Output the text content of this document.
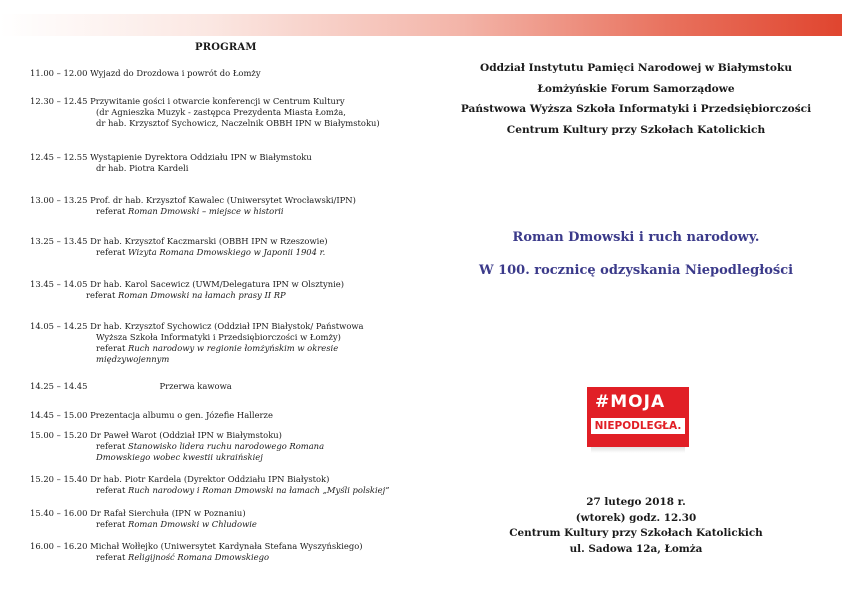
PROGRAM
11.00 – 12.00 Wyjazd do Drozdowa i powrót do Łomży
12.30 – 12.45 Przywitanie gości i otwarcie konferencji w Centrum Kultury
(dr Agnieszka Muzyk - zastępca Prezydenta Miasta Łomża,
dr hab. Krzysztof Sychowicz, Naczelnik OBBH IPN w Białymstoku)
12.45 – 12.55 Wystąpienie Dyrektora Oddziału IPN w Białymstoku
dr hab. Piotra Kardeli
13.00 – 13.25 Prof. dr hab. Krzysztof Kawalec (Uniwersytet Wrocławski/IPN)
referat Roman Dmowski – miejsce w historii
13.25 – 13.45 Dr hab. Krzysztof Kaczmarski (OBBH IPN w Rzeszowie)
referat Wizyta Romana Dmowskiego w Japonii 1904 r.
13.45 – 14.05 Dr hab. Karol Sacewicz (UWM/Delegatura IPN w Olsztynie)
referat Roman Dmowski na łamach prasy II RP
14.05 – 14.25 Dr hab. Krzysztof Sychowicz (Oddział IPN Białystok/ Państwowa
Wyższa Szkoła Informatyki i Przedsiębiorczości w Łomży)
referat Ruch narodowy w regionie łomżyńskim w okresie
międzywojennym
14.25 – 14.45	Przerwa kawowa
14.45 – 15.00 Prezentacja albumu o gen. Józefie Hallerze
15.00 – 15.20 Dr Paweł Warot (Oddział IPN w Białymstoku)
referat Stanowisko lidera ruchu narodowego Romana
Dmowskiego wobec kwestii ukraińskiej
15.20 – 15.40 Dr hab. Piotr Kardela (Dyrektor Oddziału IPN Białystok)
referat Ruch narodowy i Roman Dmowski na łamach „Myśli polskiej”
15.40 – 16.00 Dr Rafał Sierchuła (IPN w Poznaniu)
referat Roman Dmowski w Chludowie
16.00 – 16.20 Michał Wołłejko (Uniwersytet Kardynała Stefana Wyszyńskiego)
referat Religijność Romana Dmowskiego
Oddział Instytutu Pamięci Narodowej w Białymstoku
Łomżyńskie Forum Samorządowe
Państwowa Wyższa Szkoła Informatyki i Przedsiębiorczości
Centrum Kultury przy Szkołach Katolickich
Roman Dmowski i ruch narodowy.
W 100. rocznicę odzyskania Niepodległości
#MOJA
NIEPODLEGŁA.
27 lutego 2018 r.
(wtorek) godz. 12.30
Centrum Kultury przy Szkołach Katolickich
ul. Sadowa 12a, Łomża
